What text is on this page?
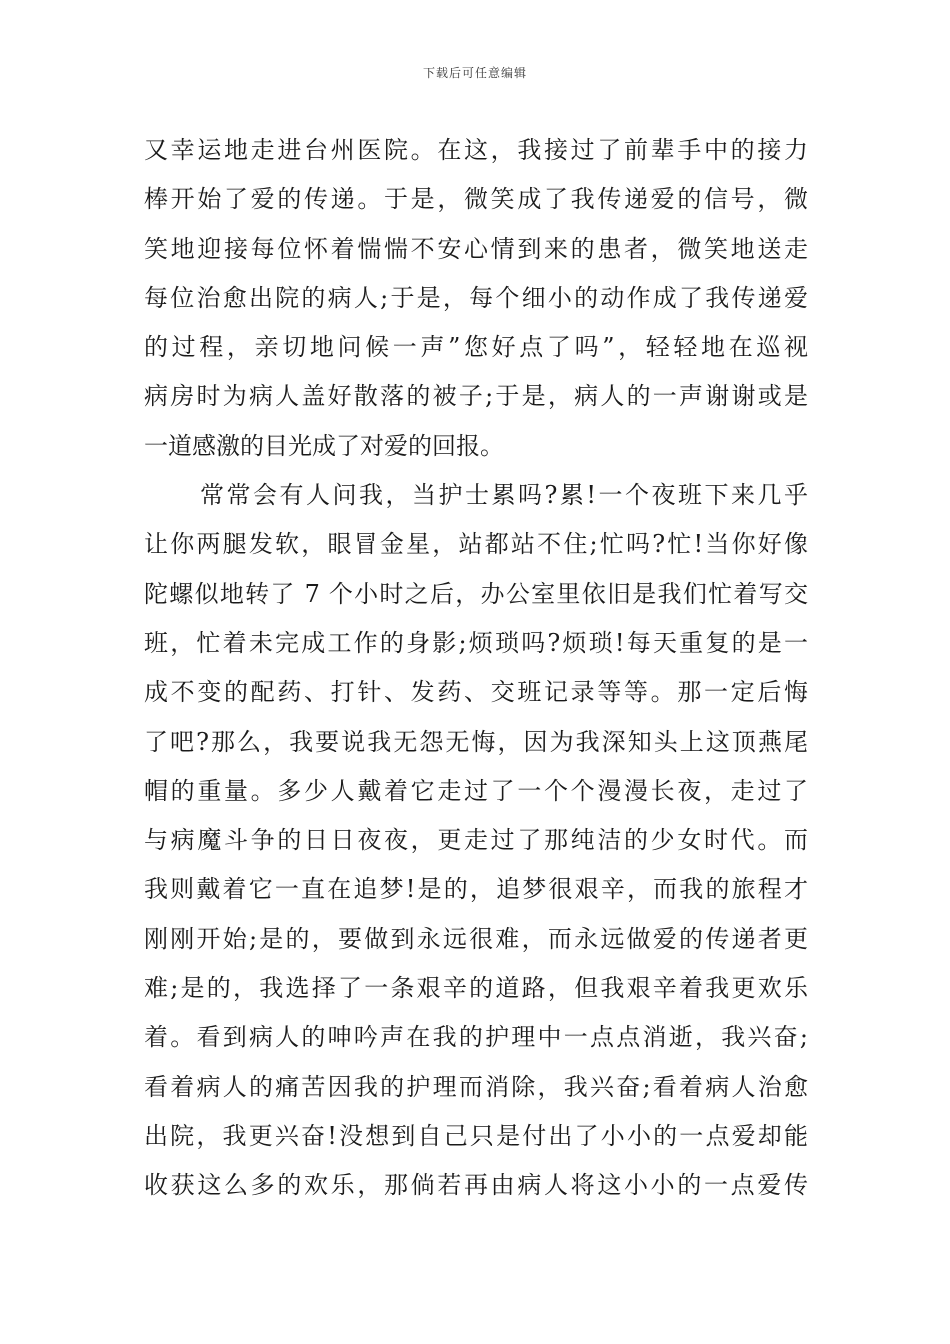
下载后可任意编辑
又幸运地走进台州医院。在这，我接过了前辈手中的接力
棒开始了爱的传递。于是，微笑成了我传递爱的信号，微
笑地迎接每位怀着惴惴不安心情到来的患者，微笑地送走
每位治愈出院的病人;于是，每个细小的动作成了我传递爱
的过程，亲切地问候一声”您好点了吗”，轻轻地在巡视
病房时为病人盖好散落的被子;于是，病人的一声谢谢或是
一道感激的目光成了对爱的回报。
常常会有人问我，当护士累吗?累!一个夜班下来几乎
让你两腿发软，眼冒金星，站都站不住;忙吗?忙!当你好像
陀螺似地转了 7 个小时之后，办公室里依旧是我们忙着写交
班，忙着未完成工作的身影;烦琐吗?烦琐!每天重复的是一
成不变的配药、打针、发药、交班记录等等。那一定后悔
了吧?那么，我要说我无怨无悔，因为我深知头上这顶燕尾
帽的重量。多少人戴着它走过了一个个漫漫长夜，走过了
与病魔斗争的日日夜夜，更走过了那纯洁的少女时代。而
我则戴着它一直在追梦!是的，追梦很艰辛，而我的旅程才
刚刚开始;是的，要做到永远很难，而永远做爱的传递者更
难;是的，我选择了一条艰辛的道路，但我艰辛着我更欢乐
着。看到病人的呻吟声在我的护理中一点点消逝，我兴奋;
看着病人的痛苦因我的护理而消除，我兴奋;看着病人治愈
出院，我更兴奋!没想到自己只是付出了小小的一点爱却能
收获这么多的欢乐，那倘若再由病人将这小小的一点爱传
